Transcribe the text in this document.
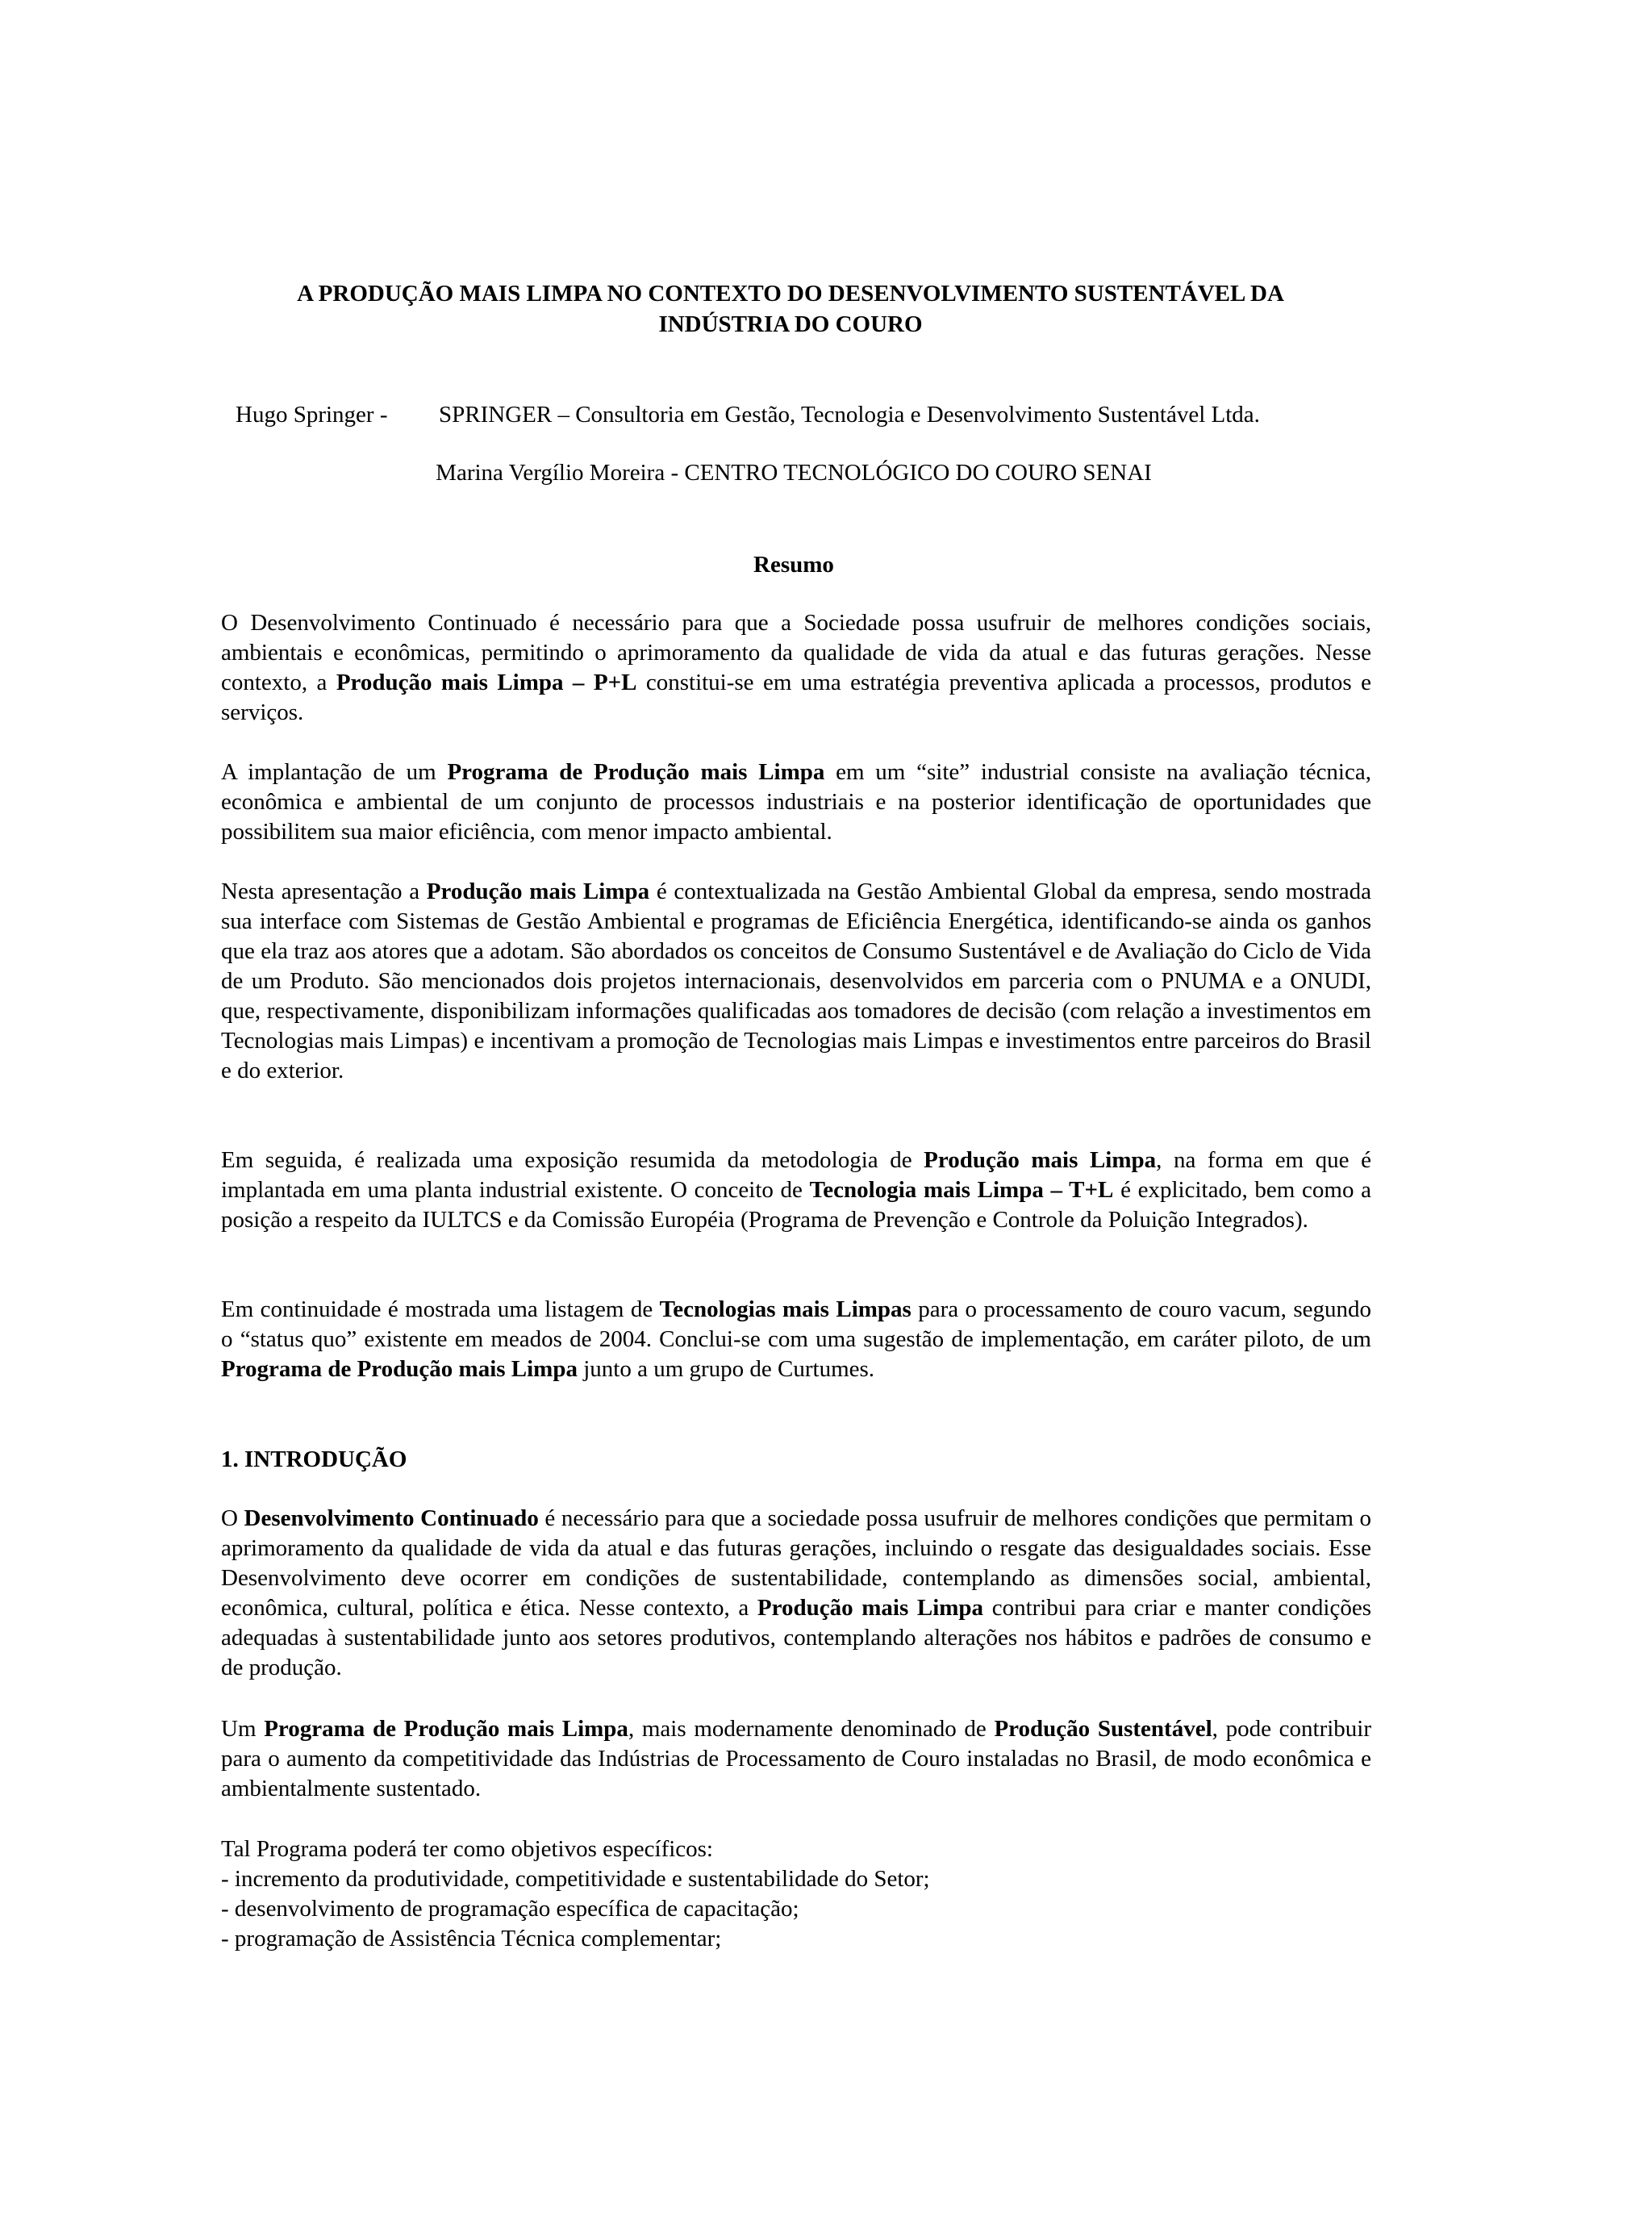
A PRODUÇÃO MAIS LIMPA NO CONTEXTO DO DESENVOLVIMENTO SUSTENTÁVEL DA
INDÚSTRIA DO COURO
Hugo Springer - SPRINGER – Consultoria em Gestão, Tecnologia e Desenvolvimento Sustentável Ltda.
Marina Vergílio Moreira - CENTRO TECNOLÓGICO DO COURO SENAI
Resumo

O Desenvolvimento Continuado é necessário para que a Sociedade possa usufruir de melhores condições sociais, ambientais e econômicas, permitindo o aprimoramento da qualidade de vida da atual e das futuras gerações. Nesse contexto, a Produção mais Limpa – P+L constitui-se em uma estratégia preventiva aplicada a processos, produtos e serviços.

A implantação de um Programa de Produção mais Limpa em um “site” industrial consiste na avaliação técnica, econômica e ambiental de um conjunto de processos industriais e na posterior identificação de oportunidades que possibilitem sua maior eficiência, com menor impacto ambiental.

Nesta apresentação a Produção mais Limpa é contextualizada na Gestão Ambiental Global da empresa, sendo mostrada sua interface com Sistemas de Gestão Ambiental e programas de Eficiência Energética, identificando-se ainda os ganhos que ela traz aos atores que a adotam. São abordados os conceitos de Consumo Sustentável e de Avaliação do Ciclo de Vida de um Produto. São mencionados dois projetos internacionais, desenvolvidos em parceria com o PNUMA e a ONUDI, que, respectivamente, disponibilizam informações qualificadas aos tomadores de decisão (com relação a investimentos em Tecnologias mais Limpas) e incentivam a promoção de Tecnologias mais Limpas e investimentos entre parceiros do Brasil e do exterior.

Em seguida, é realizada uma exposição resumida da metodologia de Produção mais Limpa, na forma em que é implantada em uma planta industrial existente. O conceito de Tecnologia mais Limpa – T+L é explicitado, bem como a posição a respeito da IULTCS e da Comissão Européia (Programa de Prevenção e Controle da Poluição Integrados).

Em continuidade é mostrada uma listagem de Tecnologias mais Limpas para o processamento de couro vacum, segundo o “status quo” existente em meados de 2004. Conclui-se com uma sugestão de implementação, em caráter piloto, de um Programa de Produção mais Limpa junto a um grupo de Curtumes.

1. INTRODUÇÃO

O Desenvolvimento Continuado é necessário para que a sociedade possa usufruir de melhores condições que permitam o aprimoramento da qualidade de vida da atual e das futuras gerações, incluindo o resgate das desigualdades sociais. Esse Desenvolvimento deve ocorrer em condições de sustentabilidade, contemplando as dimensões social, ambiental, econômica, cultural, política e ética. Nesse contexto, a Produção mais Limpa contribui para criar e manter condições adequadas à sustentabilidade junto aos setores produtivos, contemplando alterações nos hábitos e padrões de consumo e de produção.

Um Programa de Produção mais Limpa, mais modernamente denominado de Produção Sustentável, pode contribuir para o aumento da competitividade das Indústrias de Processamento de Couro instaladas no Brasil, de modo econômica e ambientalmente sustentado.

Tal Programa poderá ter como objetivos específicos:
- incremento da produtividade, competitividade e sustentabilidade do Setor;
- desenvolvimento de programação específica de capacitação;
- programação de Assistência Técnica complementar;
